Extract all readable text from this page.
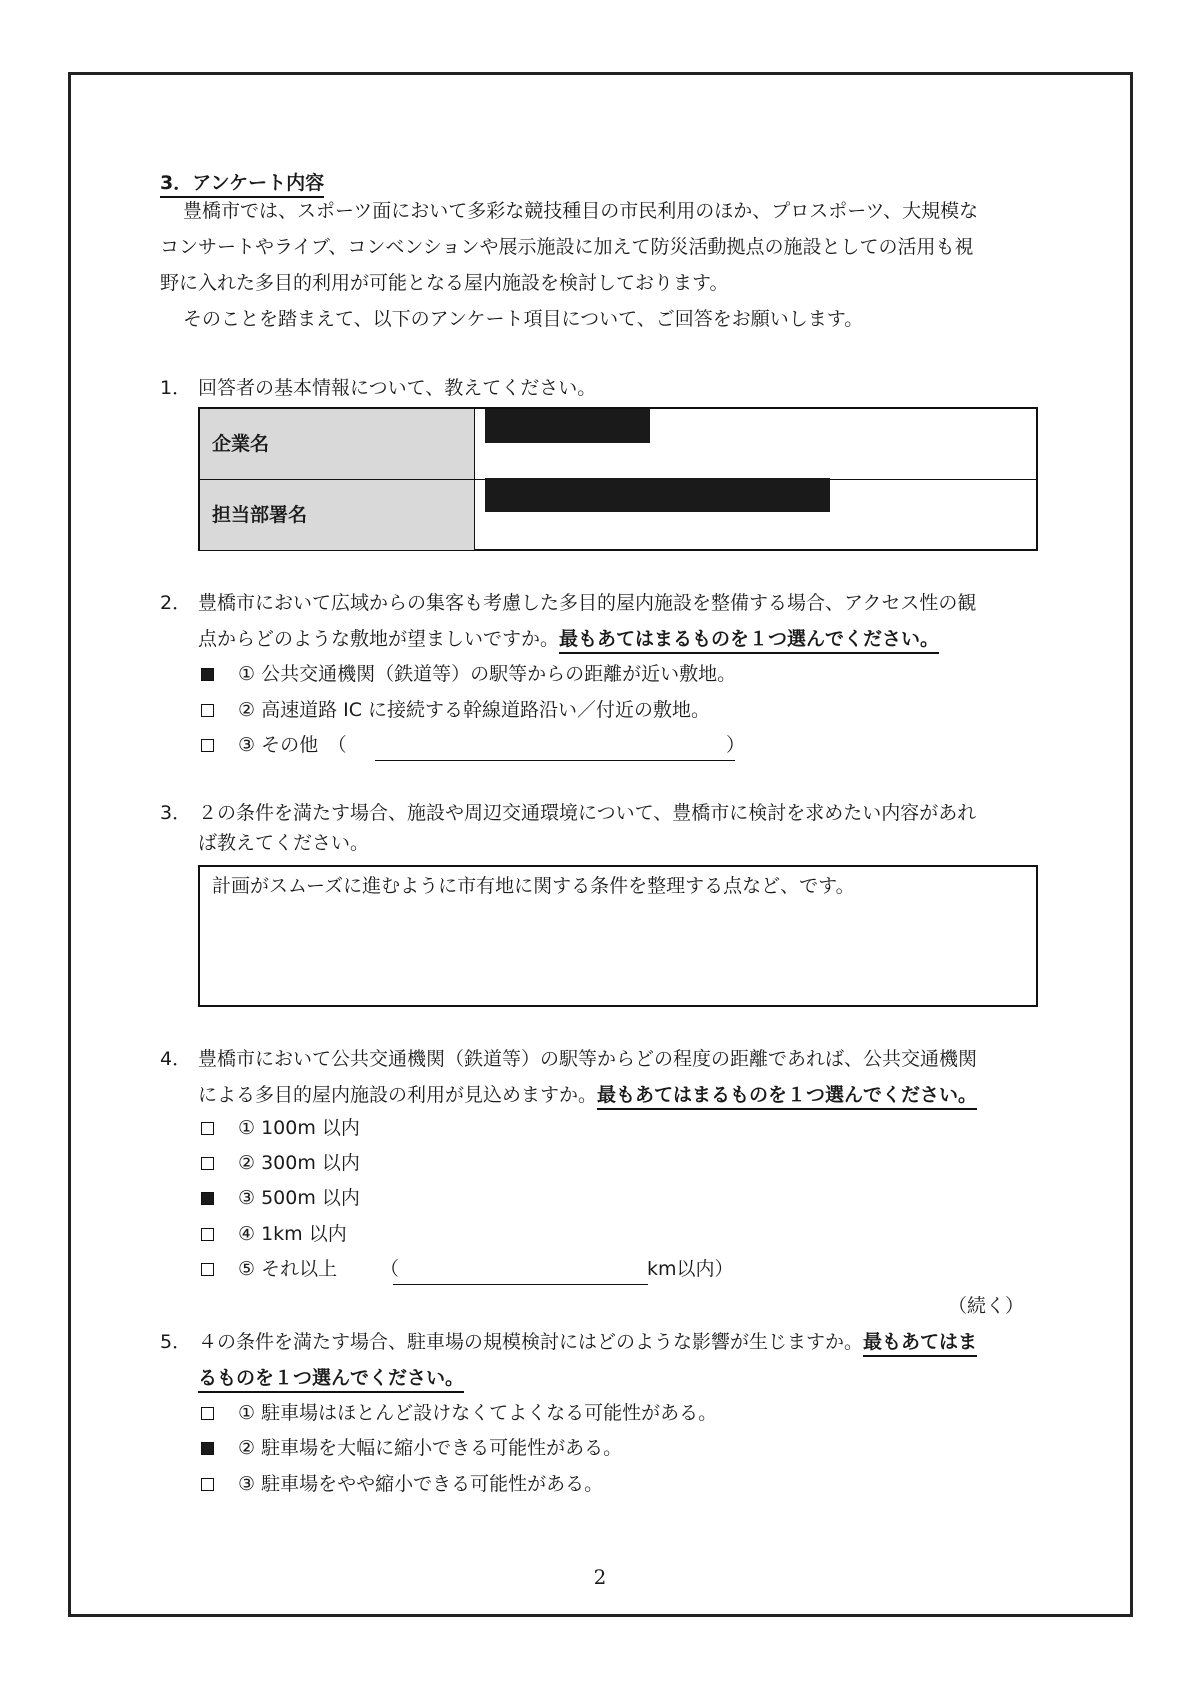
3．アンケート内容
豊橋市では、スポーツ面において多彩な競技種目の市民利用のほか、プロスポーツ、大規模な
コンサートやライブ、コンベンションや展示施設に加えて防災活動拠点の施設としての活用も視
野に入れた多目的利用が可能となる屋内施設を検討しております。
そのことを踏まえて、以下のアンケート項目について、ご回答をお願いします。
1． 回答者の基本情報について、教えてください。
企業名
担当部署名
2． 豊橋市において広域からの集客も考慮した多目的屋内施設を整備する場合、アクセス性の観
点からどのような敷地が望ましいですか。最もあてはまるものを１つ選んでください。
① 公共交通機関（鉄道等）の駅等からの距離が近い敷地。
② 高速道路 IC に接続する幹線道路沿い／付近の敷地。
③ その他　（	）
3． ２の条件を満たす場合、施設や周辺交通環境について、豊橋市に検討を求めたい内容があれ
ば教えてください。
計画がスムーズに進むように市有地に関する条件を整理する点など、です。
4． 豊橋市において公共交通機関（鉄道等）の駅等からどの程度の距離であれば、公共交通機関
による多目的屋内施設の利用が見込めますか。最もあてはまるものを１つ選んでください。
① 100m 以内
② 300m 以内
③ 500m 以内
④ 1km 以内
⑤ それ以上 （	km以内）
（続く）
5． ４の条件を満たす場合、駐車場の規模検討にはどのような影響が生じますか。最もあてはま
るものを１つ選んでください。
① 駐車場はほとんど設けなくてよくなる可能性がある。
② 駐車場を大幅に縮小できる可能性がある。
③ 駐車場をやや縮小できる可能性がある。
2
